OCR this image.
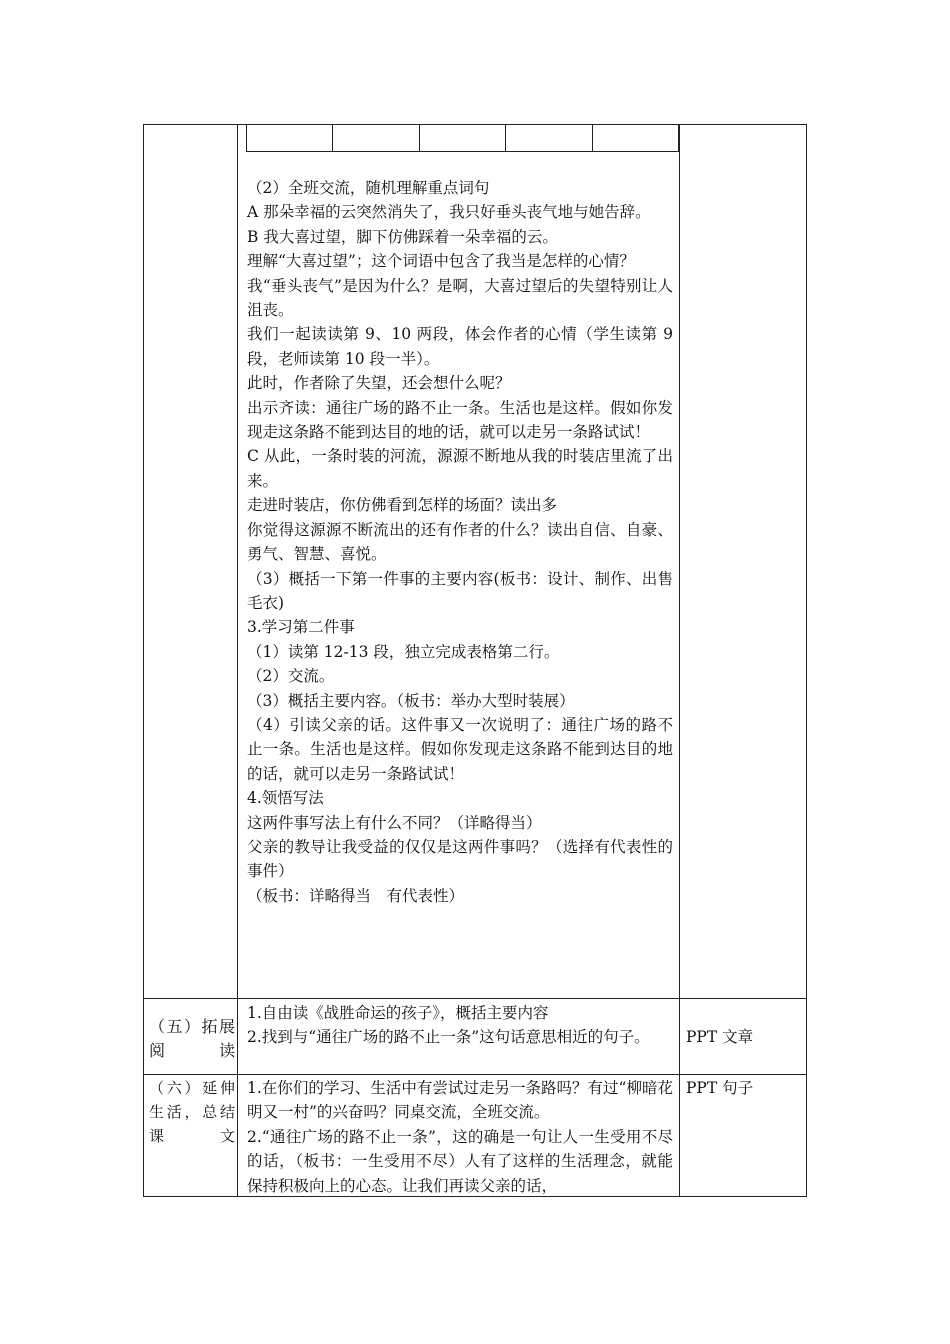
（2）全班交流，随机理解重点词句

A 那朵幸福的云突然消失了，我只好垂头丧气地与她告辞。

B 我大喜过望，脚下仿佛踩着一朵幸福的云。

理解“大喜过望”；这个词语中包含了我当是怎样的心情？

我“垂头丧气”是因为什么？是啊，大喜过望后的失望特别让人沮丧。

我们一起读读第 9、10 两段，体会作者的心情（学生读第 9 段，老师读第 10 段一半）。

此时，作者除了失望，还会想什么呢？

出示齐读：通往广场的路不止一条。生活也是这样。假如你发现走这条路不能到达目的地的话，就可以走另一条路试试！

C 从此，一条时装的河流，源源不断地从我的时装店里流了出来。

走进时装店，你仿佛看到怎样的场面？读出多

你觉得这源源不断流出的还有作者的什么？读出自信、自豪、勇气、智慧、喜悦。

（3）概括一下第一件事的主要内容(板书：设计、制作、出售毛衣)

3.学习第二件事

（1）读第 12-13 段，独立完成表格第二行。

（2）交流。

（3）概括主要内容。（板书：举办大型时装展）

（4）引读父亲的话。这件事又一次说明了：通往广场的路不止一条。生活也是这样。假如你发现走这条路不能到达目的地的话，就可以走另一条路试试！

4.领悟写法

这两件事写法上有什么不同？（详略得当）

父亲的教导让我受益的仅仅是这两件事吗？（选择有代表性的事件）

（板书：详略得当　有代表性）

（五）拓展阅读

1.自由读《战胜命运的孩子》，概括主要内容

2.找到与“通往广场的路不止一条”这句话意思相近的句子。	PPT 文章
（六）延伸生活，总结课文

1.在你们的学习、生活中有尝试过走另一条路吗？有过“柳暗花明又一村”的兴奋吗？同桌交流，全班交流。

2.“通往广场的路不止一条”，这的确是一句让人一生受用不尽的话，（板书：一生受用不尽）人有了这样的生活理念，就能保持积极向上的心态。让我们再读父亲的话，

PPT 句子
